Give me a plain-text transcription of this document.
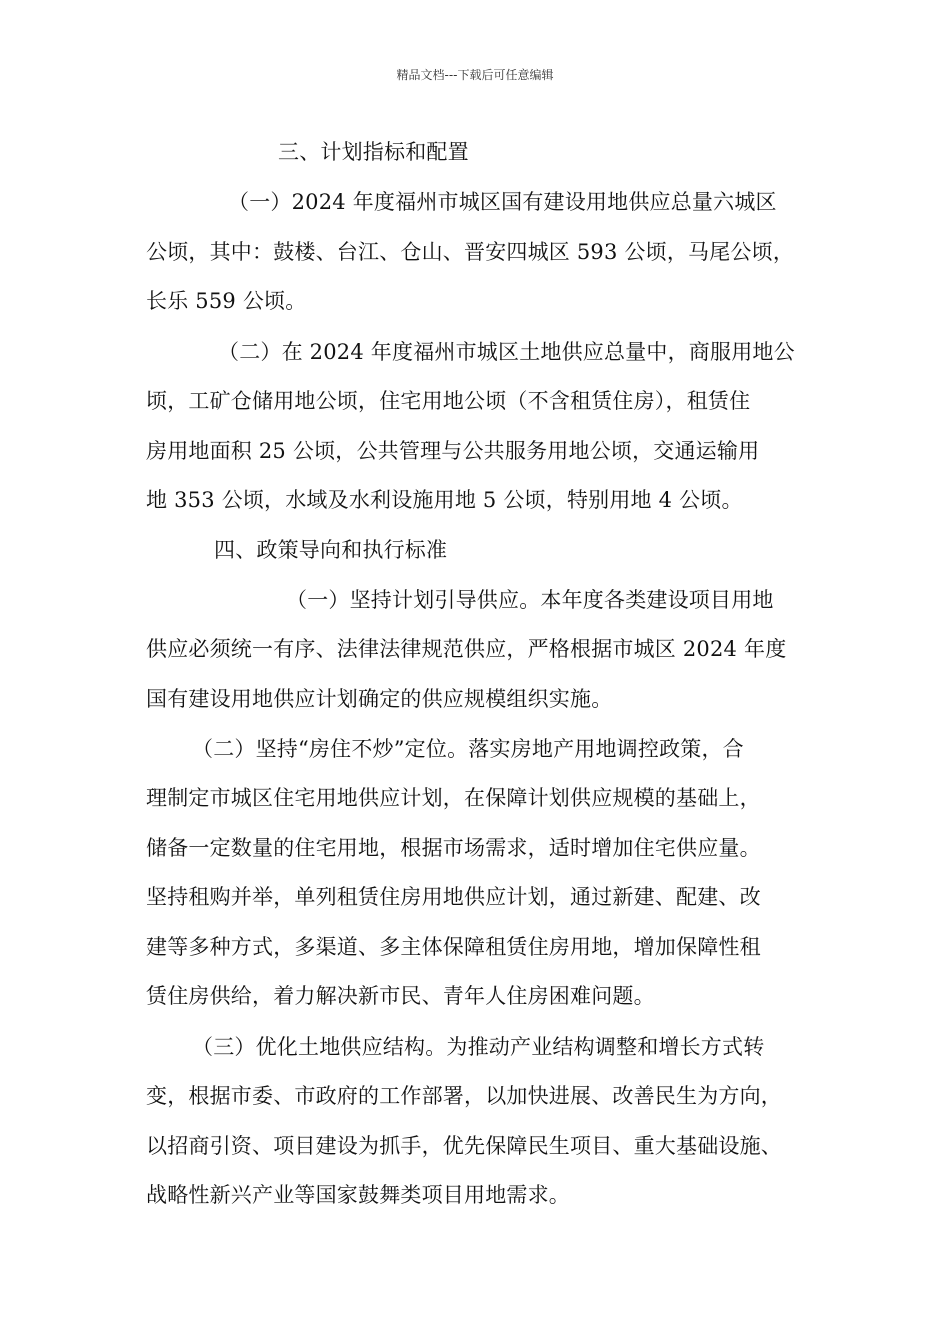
精品文档---下载后可任意编辑
三、计划指标和配置
（一）2024 年度福州市城区国有建设用地供应总量六城区
公顷，其中：鼓楼、台江、仓山、晋安四城区 593 公顷，马尾公顷，
长乐 559 公顷。
（二）在 2024 年度福州市城区土地供应总量中，商服用地公
顷，工矿仓储用地公顷，住宅用地公顷（不含租赁住房），租赁住
房用地面积 25 公顷，公共管理与公共服务用地公顷，交通运输用
地 353 公顷，水域及水利设施用地 5 公顷，特别用地 4 公顷。
四、政策导向和执行标准
（一）坚持计划引导供应。本年度各类建设项目用地
供应必须统一有序、法律法律规范供应，严格根据市城区 2024 年度
国有建设用地供应计划确定的供应规模组织实施。
（二）坚持“房住不炒”定位。落实房地产用地调控政策，合
理制定市城区住宅用地供应计划，在保障计划供应规模的基础上，
储备一定数量的住宅用地，根据市场需求，适时增加住宅供应量。
坚持租购并举，单列租赁住房用地供应计划，通过新建、配建、改
建等多种方式，多渠道、多主体保障租赁住房用地，增加保障性租
赁住房供给，着力解决新市民、青年人住房困难问题。
（三）优化土地供应结构。为推动产业结构调整和增长方式转
变，根据市委、市政府的工作部署，以加快进展、改善民生为方向，
以招商引资、项目建设为抓手，优先保障民生项目、重大基础设施、
战略性新兴产业等国家鼓舞类项目用地需求。
